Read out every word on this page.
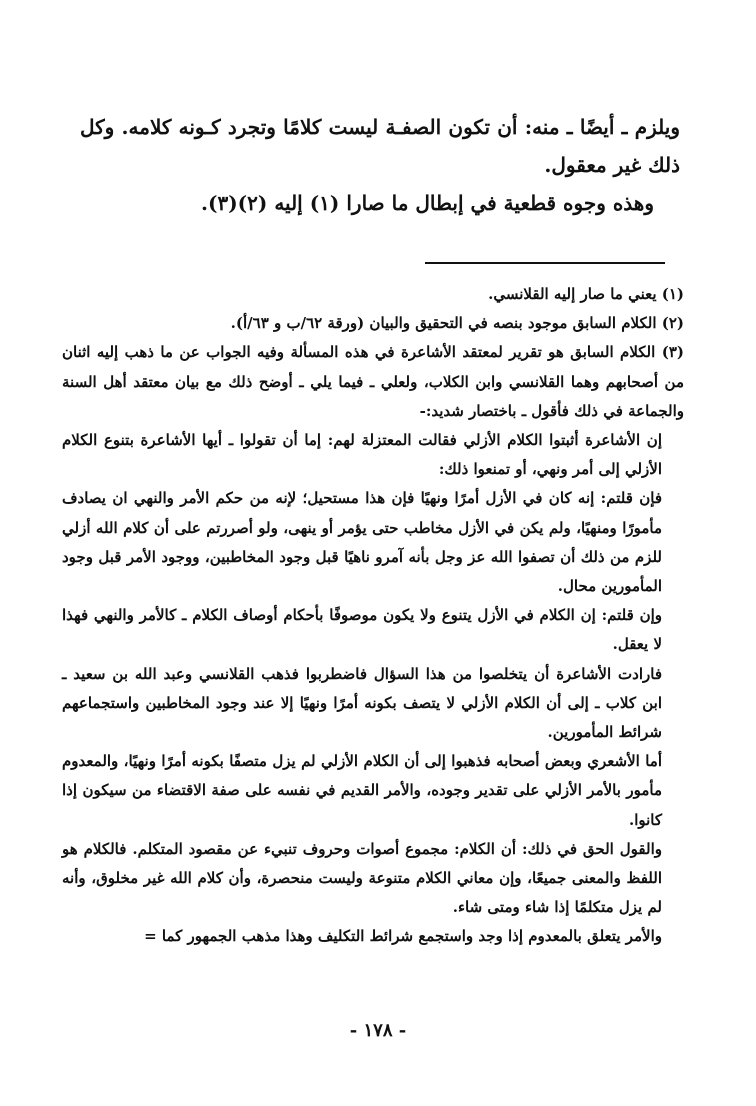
ويلزم ـ أيضًا ـ منه: أن تكون الصفـة ليست كلامًا وتجرد كـونه كلامه. وكل ذلك غير معقول.

وهذه وجوه قطعية في إبطال ما صارا (١) إليه (٢)(٣).

(١) يعني ما صار إليه القلانسي.

(٢) الكلام السابق موجود بنصه في التحقيق والبيان (ورقة ٦٢/ب و ٦٣/أ).

(٣) الكلام السابق هو تقرير لمعتقد الأشاعرة في هذه المسألة وفيه الجواب عن ما ذهب إليه اثنان من أصحابهم وهما القلانسي وابن الكلاب، ولعلي ـ فيما يلي ـ أوضح ذلك مع بيان معتقد أهل السنة والجماعة في ذلك فأقول ـ باختصار شديد:-

إن الأشاعرة أثبتوا الكلام الأزلي فقالت المعتزلة لهم: إما أن تقولوا ـ أيها الأشاعرة بتنوع الكلام الأزلي إلى أمر ونهي، أو تمنعوا ذلك:

فإن قلتم: إنه كان في الأزل أمرًا ونهيًا فإن هذا مستحيل؛ لإنه من حكم الأمر والنهي ان يصادف مأمورًا ومنهيًا، ولم يكن في الأزل مخاطب حتى يؤمر أو ينهى، ولو أصررتم على أن كلام الله أزلي للزم من ذلك أن تصفوا الله عز وجل بأنه آمرو ناهيًا قبل وجود المخاطبين، ووجود الأمر قبل وجود المأمورين محال.

وإن قلتم: إن الكلام في الأزل يتنوع ولا يكون موصوفًا بأحكام أوصاف الكلام ـ كالأمر والنهي فهذا لا يعقل.

فارادت الأشاعرة أن يتخلصوا من هذا السؤال فاضطربوا فذهب القلانسي وعبد الله بن سعيد ـ ابن كلاب ـ إلى أن الكلام الأزلي لا يتصف بكونه أمرًا ونهيًا إلا عند وجود المخاطبين واستجماعهم شرائط المأمورين.

أما الأشعري وبعض أصحابه فذهبوا إلى أن الكلام الأزلي لم يزل متصفًا بكونه أمرًا ونهيًا، والمعدوم مأمور بالأمر الأزلي على تقدير وجوده، والأمر القديم في نفسه على صفة الاقتضاء من سيكون إذا كانوا.

والقول الحق في ذلك: أن الكلام: مجموع أصوات وحروف تنبيء عن مقصود المتكلم. فالكلام هو اللفظ والمعنى جميعًا، وإن معاني الكلام متنوعة وليست منحصرة، وأن كلام الله غير مخلوق، وأنه لم يزل متكلمًا إذا شاء ومتى شاء.

والأمر يتعلق بالمعدوم إذا وجد واستجمع شرائط التكليف وهذا مذهب الجمهور كما =

- ١٧٨ -
